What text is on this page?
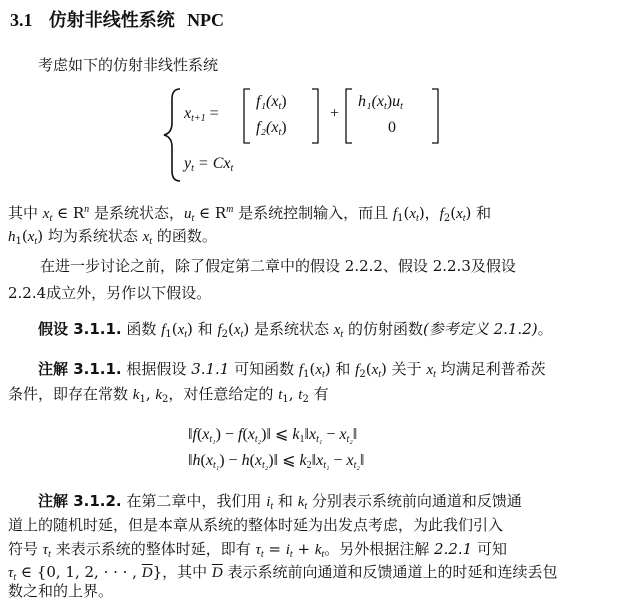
3.1 仿射非线性系统 NPC
考虑如下的仿射非线性系统
$x_{t+1}$ =
$f_1(x_t)$
$f_2(x_t)$
+
$h_1(x_t)u_t$
0
$y_t = Cx_t$
其中 $x_t$ ∈ $R^n$ 是系统状态，$u_t$ ∈ $R^m$ 是系统控制输入，而且 $f_1(x_t)$，$f_2(x_t)$ 和
$h_1(x_t)$ 均为系统状态 $x_t$ 的函数。
在进一步讨论之前，除了假定第二章中的假设 2.2.2、假设 2.2.3及假设
2.2.4成立外，另作以下假设。
假设 3.1.1. 函数 $f_1(x_t)$ 和 $f_2(x_t)$ 是系统状态 $x_t$ 的仿射函数(参考定义 2.1.2)。
注解 3.1.1. 根据假设 3.1.1 可知函数 $f_1(x_t)$ 和 $f_2(x_t)$ 关于 $x_t$ 均满足利普希茨
条件，即存在常数 $k_1$, $k_2$，对任意给定的 $t_1$, $t_2$ 有
$‖f(x_{t_1})$ − $f(x_{t_2})‖$ ⩽ $k_1‖x_{t_1}$ − $x_{t_2}‖$
$‖h(x_{t_1})$ − $h(x_{t_2})‖$ ⩽ $k_2‖x_{t_1}$ − $x_{t_2}‖$
注解 3.1.2. 在第二章中，我们用 $i_t$ 和 $k_t$ 分别表示系统前向通道和反馈通
道上的随机时延，但是本章从系统的整体时延为出发点考虑，为此我们引入
符号 $\tau_t$ 来表示系统的整体时延，即有 $\tau_t = i_t + k_t$。另外根据注解 2.2.1 可知
$\tau_t$ ∈ {0, 1, 2, · · · , $\overline{D}$}，其中 $\overline{D}$ 表示系统前向通道和反馈通道上的时延和连续丢包
数之和的上界。
